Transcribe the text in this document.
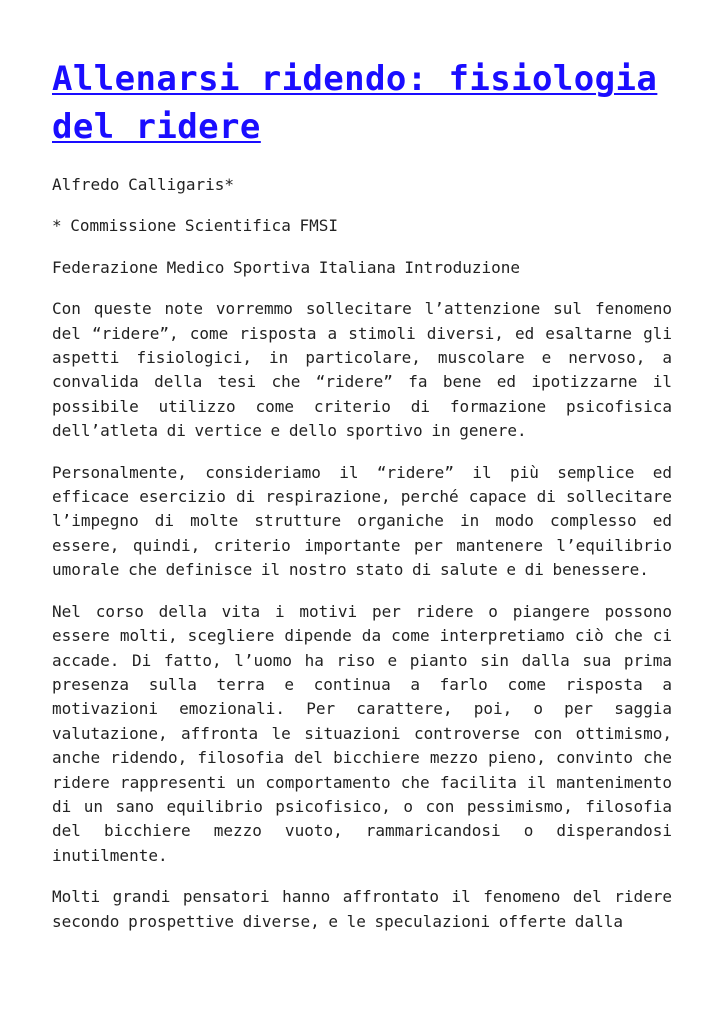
Allenarsi ridendo: fisiologia del ridere

Alfredo Calligaris*

* Commissione Scientifica FMSI

Federazione Medico Sportiva Italiana Introduzione

Con queste note vorremmo sollecitare l’attenzione sul fenomeno del “ridere”, come risposta a stimoli diversi, ed esaltarne gli aspetti fisiologici, in particolare, muscolare e nervoso, a convalida della tesi che “ridere” fa bene ed ipotizzarne il possibile utilizzo come criterio di formazione psicofisica dell’atleta di vertice e dello sportivo in genere.

Personalmente, consideriamo il “ridere” il più semplice ed efficace esercizio di respirazione, perché capace di sollecitare l’impegno di molte strutture organiche in modo complesso ed essere, quindi, criterio importante per mantenere l’equilibrio umorale che definisce il nostro stato di salute e di benessere.

Nel corso della vita i motivi per ridere o piangere possono essere molti, scegliere dipende da come interpretiamo ciò che ci accade. Di fatto, l’uomo ha riso e pianto sin dalla sua prima presenza sulla terra e continua a farlo come risposta a motivazioni emozionali. Per carattere, poi, o per saggia valutazione, affronta le situazioni controverse con ottimismo, anche ridendo, filosofia del bicchiere mezzo pieno, convinto che ridere rappresenti un comportamento che facilita il mantenimento di un sano equilibrio psicofisico, o con pessimismo, filosofia del bicchiere mezzo vuoto, rammaricandosi o disperandosi inutilmente.

Molti grandi pensatori hanno affrontato il fenomeno del ridere secondo prospettive diverse, e le speculazioni offerte dalla
